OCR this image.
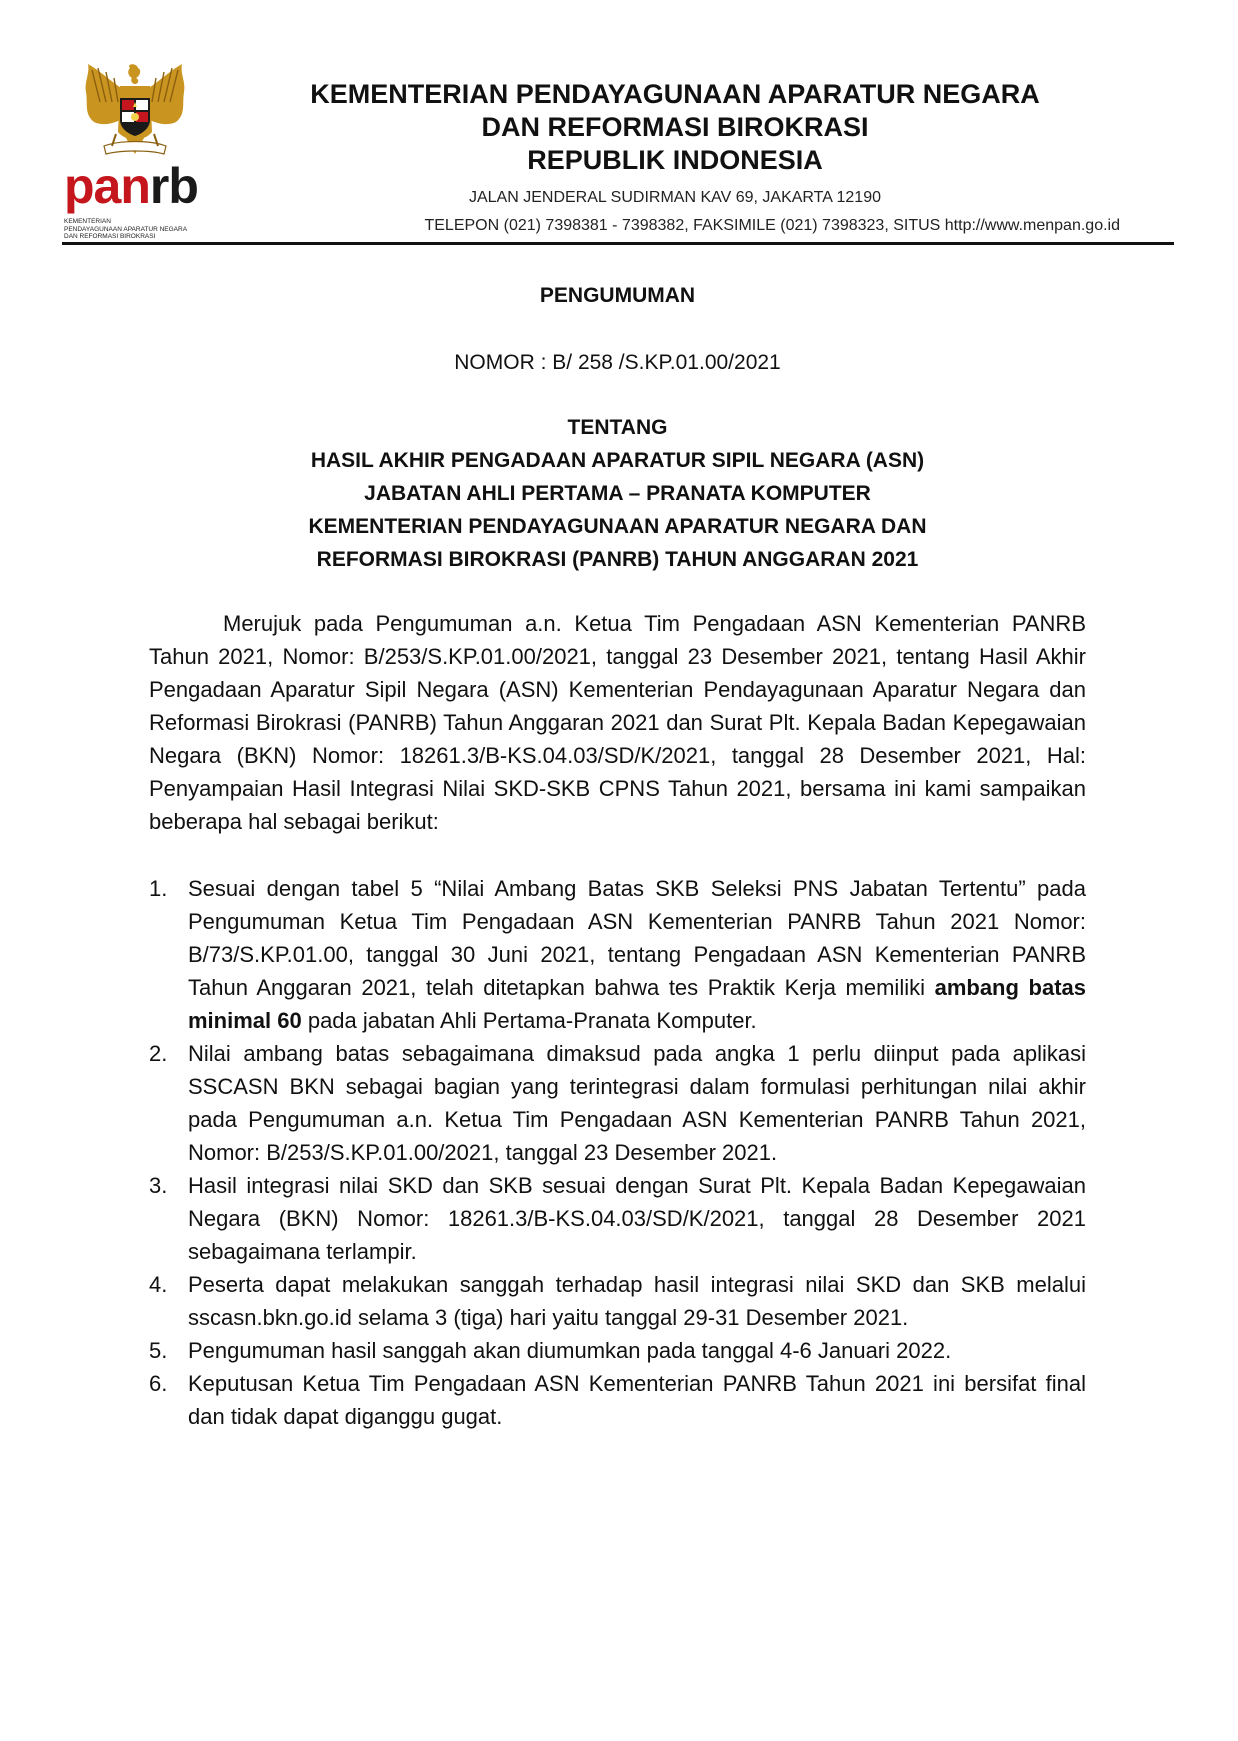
panrb
KEMENTERIAN
PENDAYAGUNAAN APARATUR NEGARA
DAN REFORMASI BIROKRASI
KEMENTERIAN PENDAYAGUNAAN APARATUR NEGARA
DAN REFORMASI BIROKRASI
REPUBLIK INDONESIA
JALAN JENDERAL SUDIRMAN KAV 69, JAKARTA 12190
TELEPON (021) 7398381 - 7398382, FAKSIMILE (021) 7398323, SITUS http://www.menpan.go.id
PENGUMUMAN
NOMOR : B/ 258 /S.KP.01.00/2021
TENTANG
HASIL AKHIR PENGADAAN APARATUR SIPIL NEGARA (ASN)
JABATAN AHLI PERTAMA – PRANATA KOMPUTER
KEMENTERIAN PENDAYAGUNAAN APARATUR NEGARA DAN
REFORMASI BIROKRASI (PANRB) TAHUN ANGGARAN 2021
Merujuk pada Pengumuman a.n. Ketua Tim Pengadaan ASN Kementerian PANRB Tahun 2021, Nomor: B/253/S.KP.01.00/2021, tanggal 23 Desember 2021, tentang Hasil Akhir Pengadaan Aparatur Sipil Negara (ASN) Kementerian Pendayagunaan Aparatur Negara dan Reformasi Birokrasi (PANRB) Tahun Anggaran 2021 dan Surat Plt. Kepala Badan Kepegawaian Negara (BKN) Nomor: 18261.3/B-KS.04.03/SD/K/2021, tanggal 28 Desember 2021, Hal: Penyampaian Hasil Integrasi Nilai SKD-SKB CPNS Tahun 2021, bersama ini kami sampaikan beberapa hal sebagai berikut:
1. Sesuai dengan tabel 5 “Nilai Ambang Batas SKB Seleksi PNS Jabatan Tertentu” pada Pengumuman Ketua Tim Pengadaan ASN Kementerian PANRB Tahun 2021 Nomor: B/73/S.KP.01.00, tanggal 30 Juni 2021, tentang Pengadaan ASN Kementerian PANRB Tahun Anggaran 2021, telah ditetapkan bahwa tes Praktik Kerja memiliki ambang batas minimal 60 pada jabatan Ahli Pertama-Pranata Komputer.
2. Nilai ambang batas sebagaimana dimaksud pada angka 1 perlu diinput pada aplikasi SSCASN BKN sebagai bagian yang terintegrasi dalam formulasi perhitungan nilai akhir pada Pengumuman a.n. Ketua Tim Pengadaan ASN Kementerian PANRB Tahun 2021, Nomor: B/253/S.KP.01.00/2021, tanggal 23 Desember 2021.
3. Hasil integrasi nilai SKD dan SKB sesuai dengan Surat Plt. Kepala Badan Kepegawaian Negara (BKN) Nomor: 18261.3/B-KS.04.03/SD/K/2021, tanggal 28 Desember 2021 sebagaimana terlampir.
4. Peserta dapat melakukan sanggah terhadap hasil integrasi nilai SKD dan SKB melalui sscasn.bkn.go.id selama 3 (tiga) hari yaitu tanggal 29-31 Desember 2021.
5. Pengumuman hasil sanggah akan diumumkan pada tanggal 4-6 Januari 2022.
6. Keputusan Ketua Tim Pengadaan ASN Kementerian PANRB Tahun 2021 ini bersifat final dan tidak dapat diganggu gugat.
